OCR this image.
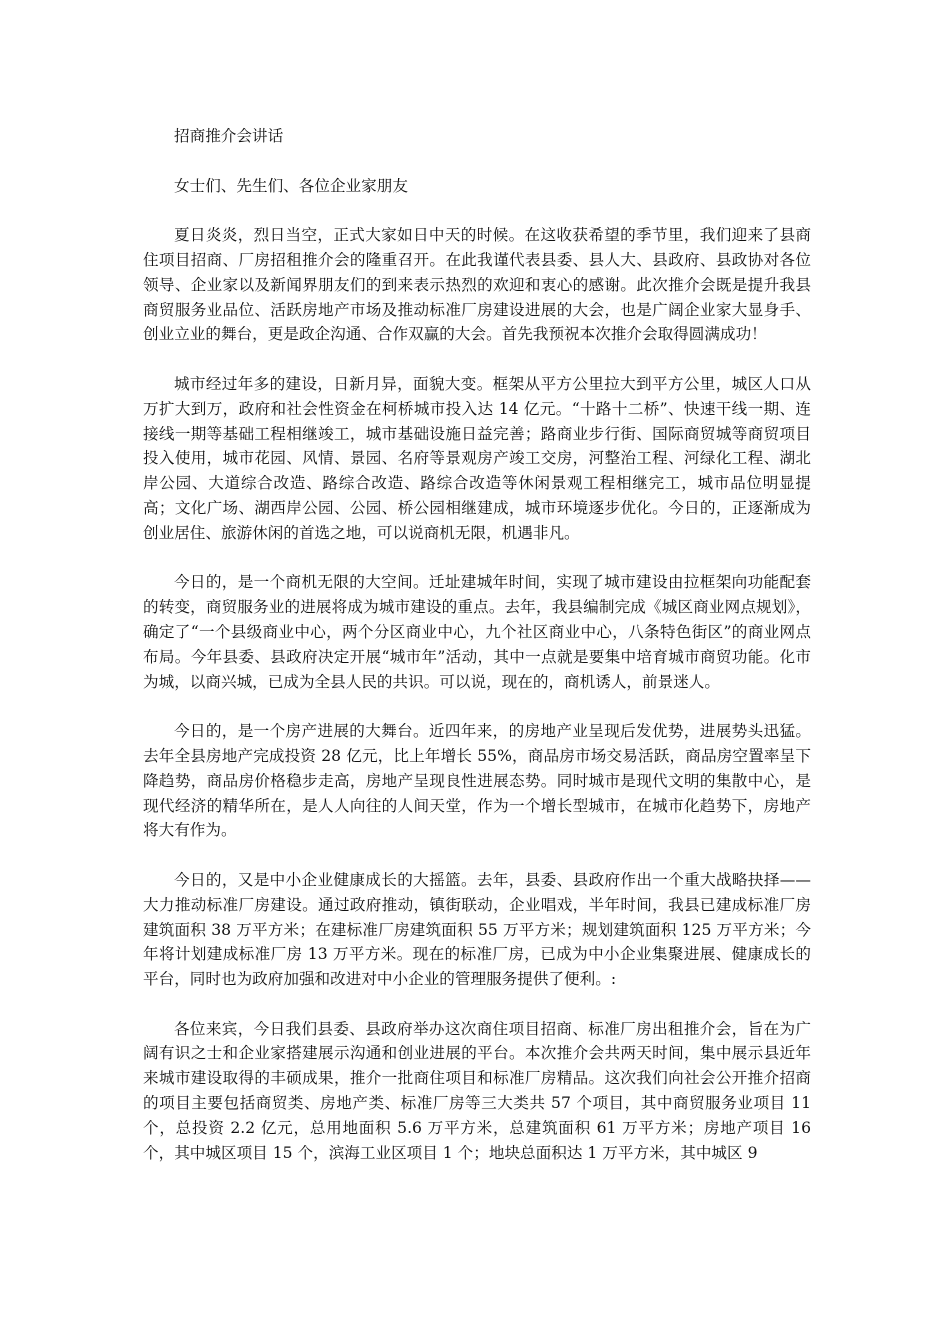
招商推介会讲话

女士们、先生们、各位企业家朋友

夏日炎炎，烈日当空，正式大家如日中天的时候。在这收获希望的季节里，我们迎来了县商住项目招商、厂房招租推介会的隆重召开。在此我谨代表县委、县人大、县政府、县政协对各位领导、企业家以及新闻界朋友们的到来表示热烈的欢迎和衷心的感谢。此次推介会既是提升我县商贸服务业品位、活跃房地产市场及推动标准厂房建设进展的大会，也是广阔企业家大显身手、创业立业的舞台，更是政企沟通、合作双赢的大会。首先我预祝本次推介会取得圆满成功！

城市经过年多的建设，日新月异，面貌大变。框架从平方公里拉大到平方公里，城区人口从万扩大到万，政府和社会性资金在柯桥城市投入达 14 亿元。“十路十二桥”、快速干线一期、连接线一期等基础工程相继竣工，城市基础设施日益完善；路商业步行街、国际商贸城等商贸项目投入使用，城市花园、风情、景园、名府等景观房产竣工交房，河整治工程、河绿化工程、湖北岸公园、大道综合改造、路综合改造、路综合改造等休闲景观工程相继完工，城市品位明显提高；文化广场、湖西岸公园、公园、桥公园相继建成，城市环境逐步优化。今日的，正逐渐成为创业居住、旅游休闲的首选之地，可以说商机无限，机遇非凡。

今日的，是一个商机无限的大空间。迁址建城年时间，实现了城市建设由拉框架向功能配套的转变，商贸服务业的进展将成为城市建设的重点。去年，我县编制完成《城区商业网点规划》，确定了“一个县级商业中心，两个分区商业中心，九个社区商业中心，八条特色街区”的商业网点布局。今年县委、县政府决定开展“城市年”活动，其中一点就是要集中培育城市商贸功能。化市为城，以商兴城，已成为全县人民的共识。可以说，现在的，商机诱人，前景迷人。

今日的，是一个房产进展的大舞台。近四年来，的房地产业呈现后发优势，进展势头迅猛。去年全县房地产完成投资 28 亿元，比上年增长 55%，商品房市场交易活跃，商品房空置率呈下降趋势，商品房价格稳步走高，房地产呈现良性进展态势。同时城市是现代文明的集散中心，是现代经济的精华所在，是人人向往的人间天堂，作为一个增长型城市，在城市化趋势下，房地产将大有作为。

今日的，又是中小企业健康成长的大摇篮。去年，县委、县政府作出一个重大战略抉择——大力推动标准厂房建设。通过政府推动，镇街联动，企业唱戏，半年时间，我县已建成标准厂房建筑面积 38 万平方米；在建标准厂房建筑面积 55 万平方米；规划建筑面积 125 万平方米；今年将计划建成标准厂房 13 万平方米。现在的标准厂房，已成为中小企业集聚进展、健康成长的平台，同时也为政府加强和改进对中小企业的管理服务提供了便利。:

各位来宾，今日我们县委、县政府举办这次商住项目招商、标准厂房出租推介会，旨在为广阔有识之士和企业家搭建展示沟通和创业进展的平台。本次推介会共两天时间，集中展示县近年来城市建设取得的丰硕成果，推介一批商住项目和标准厂房精品。这次我们向社会公开推介招商的项目主要包括商贸类、房地产类、标准厂房等三大类共 57 个项目，其中商贸服务业项目 11 个，总投资 2.2 亿元，总用地面积 5.6 万平方米，总建筑面积 61 万平方米；房地产项目 16 个，其中城区项目 15 个，滨海工业区项目 1 个；地块总面积达 1 万平方米，其中城区 9
